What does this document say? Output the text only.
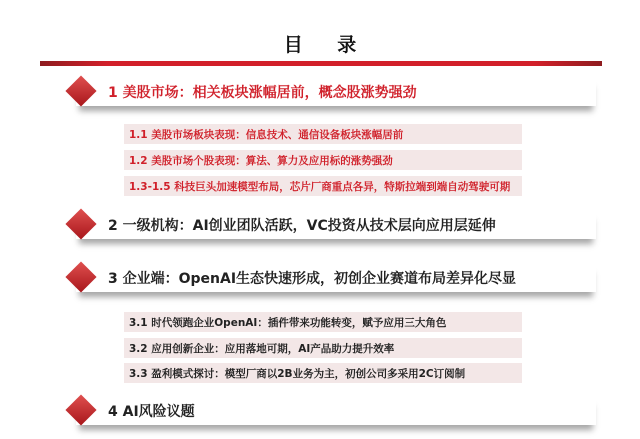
目 录
1 美股市场：相关板块涨幅居前，概念股涨势强劲
1.1 美股市场板块表现：信息技术、通信设备板块涨幅居前
1.2 美股市场个股表现：算法、算力及应用标的涨势强劲
1.3-1.5 科技巨头加速模型布局，芯片厂商重点各异，特斯拉端到端自动驾驶可期
2 一级机构：AI创业团队活跃，VC投资从技术层向应用层延伸
3 企业端：OpenAI生态快速形成，初创企业赛道布局差异化尽显
3.1 时代领跑企业OpenAI：插件带来功能转变，赋予应用三大角色
3.2 应用创新企业：应用落地可期，AI产品助力提升效率
3.3 盈利模式探讨：模型厂商以2B业务为主，初创公司多采用2C订阅制
4 AI风险议题
